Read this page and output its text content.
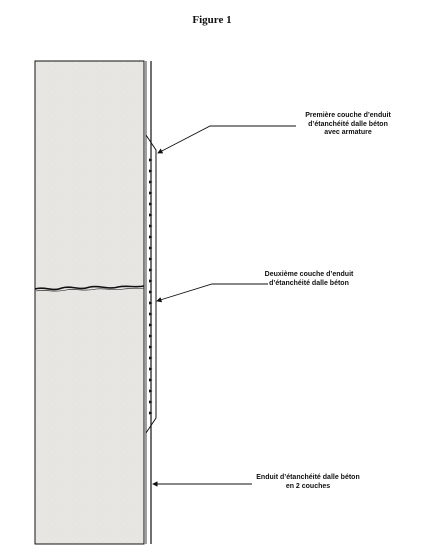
Figure 1
Première couche d’enduit
d’étanchéité dalle béton
avec armature
Deuxième couche d’enduit
d’étanchéité dalle béton
Enduit d’étanchéité dalle béton
en 2 couches
